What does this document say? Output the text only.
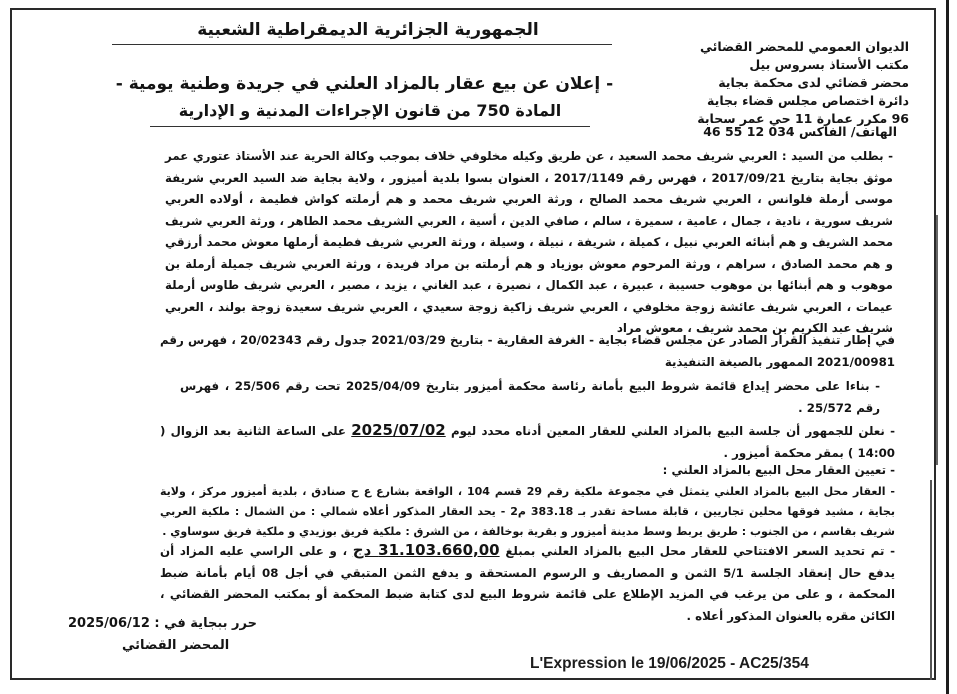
الجمهورية الجزائرية الديمقراطية الشعبية
الديوان العمومي للمحضر القضائي
مكتب الأستاذ بسروس بيل
محضر قضائي لدى محكمة بجاية
دائرة اختصاص مجلس قضاء بجاية
96 مكرر عمارة 11 حي عمر سحابة
الهاتف/ الفاكس 034 12 55 46
- إعلان عن بيع عقار بالمزاد العلني في جريدة وطنية يومية -
المادة 750 من قانون الإجراءات المدنية و الإدارية
- بطلب من السيد : العربي شريف محمد السعيد ، عن طريق وكيله مخلوفي خلاف بموجب وكالة الحرية عند الأستاذ عتوري عمر موثق بجاية بتاريخ 2017/09/21 ، فهرس رقم 2017/1149 ، العنوان بسوا بلدية أميزور ، ولاية بجاية ضد السيد العربي شريفة موسى أرملة فلوانس ، العربي شريف محمد الصالح ، ورثة العربي شريف محمد و هم أرملته كواش فطيمة ، أولاده العربي شريف سورية ، نادية ، جمال ، عامية ، سميرة ، سالم ، صافي الدين ، أسية ، العربي الشريف محمد الطاهر ، ورثة العربي شريف محمد الشريف و هم أبنائه العربي نبيل ، كميلة ، شريفة ، نبيلة ، وسيلة ، ورثة العربي شريف فطيمة أرملها معوش محمد أرزقي و هم محمد الصادق ، سراهم ، ورثة المرحوم معوش بوزياد و هم أرملته بن مراد فريدة ، ورثة العربي شريف جميلة أرملة بن موهوب و هم أبنائها بن موهوب حسيبة ، عبيرة ، عبد الكمال ، نصيرة ، عبد الغاني ، يزيد ، مصير ، العربي شريف طاوس أرملة عيمات ، العربي شريف عائشة زوجة مخلوفي ، العربي شريف زاكية زوجة سعيدي ، العربي شريف سعيدة زوجة بولند ، العربي شريف عبد الكريم بن محمد شريف ، معوش مراد
في إطار تنفيذ القرار الصادر عن مجلس قضاء بجاية - الغرفة العقارية - بتاريخ 2021/03/29 جدول رقم 20/02343 ، فهرس رقم 2021/00981 الممهور بالصيغة التنفيذية
- بناءا على محضر إيداع قائمة شروط البيع بأمانة رئاسة محكمة أميزور بتاريخ 2025/04/09 تحت رقم 25/506 ، فهرس رقم 25/572 .
- نعلن للجمهور أن جلسة البيع بالمزاد العلني للعقار المعين أدناه محدد ليوم 2025/07/02 على الساعة الثانية بعد الزوال ( 14:00 ) بمقر محكمة أميزور .
- تعيين العقار محل البيع بالمزاد العلني :
- العقار محل البيع بالمزاد العلني يتمثل في مجموعة ملكية رقم 29 قسم 104 ، الواقعة بشارع ع ح صنادق ، بلدية أميزور مركز ، ولاية بجاية ، مشيد فوقها محلين تجاريين ، قابلة مساحة تقدر بـ 383.18 م2 - يحد العقار المذكور أعلاه شمالي : من الشمال : ملكية العربي شريف بقاسم ، من الجنوب : طريق يربط وسط مدينة أميزور و بقرية بوخالفة ، من الشرق : ملكية فريق بوزيدي و ملكية فريق سوساوي .
- تم تحديد السعر الافتتاحي للعقار محل البيع بالمزاد العلني بمبلغ 31.103.660,00 دج ، و على الراسي عليه المزاد أن يدفع حال إنعقاد الجلسة 5/1 الثمن و المصاريف و الرسوم المستحقة و يدفع الثمن المتبقي في أجل 08 أيام بأمانة ضبط المحكمة ، و على من يرغب في المزيد الإطلاع على قائمة شروط البيع لدى كتابة ضبط المحكمة أو بمكتب المحضر القضائي ، الكائن مقره بالعنوان المذكور أعلاه .
حرر ببجاية في : 2025/06/12
المحضر القضائي
L'Expression le 19/06/2025 - AC25/354
